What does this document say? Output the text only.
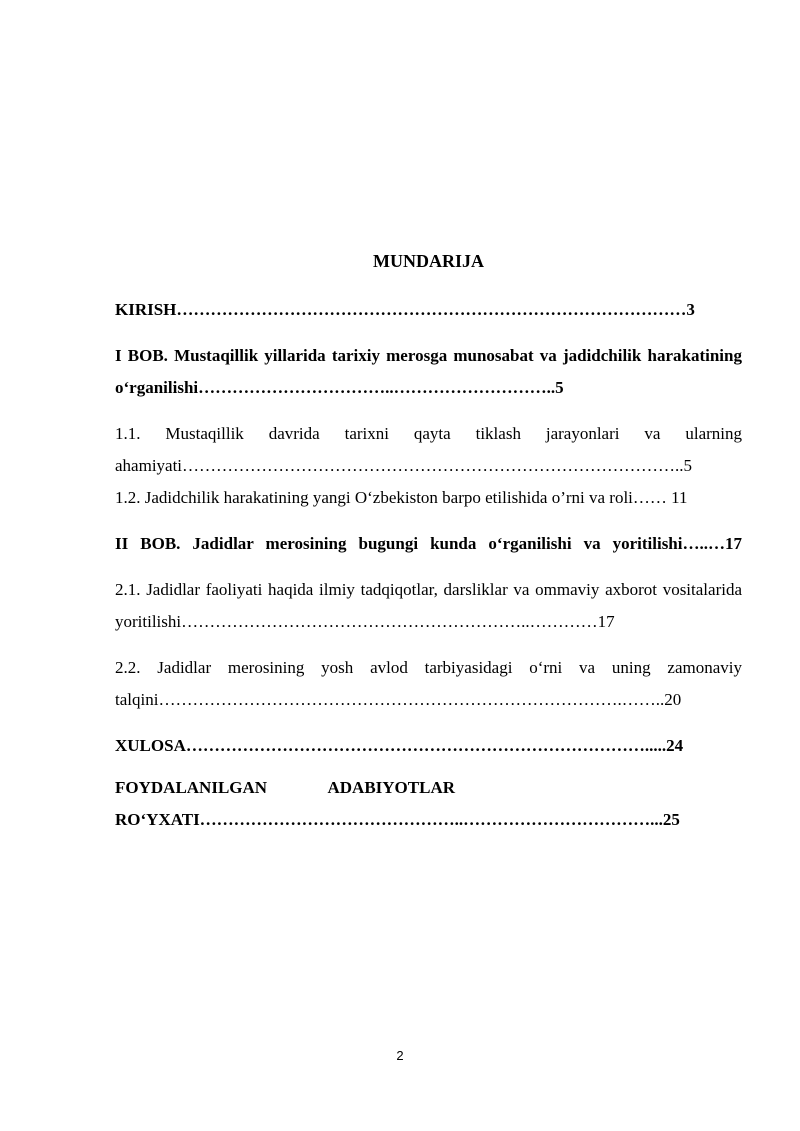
MUNDARIJA

KIRISH………………………………………………………………………………3

I BOB. Mustaqillik yillarida tarixiy merosga munosabat va jadidchilik harakatining o‘rganilishi……………………………..………………………..5

1.1. Mustaqillik davrida tarixni qayta tiklash jarayonlari va ularning ahamiyati……………………………………………………………………………..5

1.2. Jadidchilik harakatining yangi O‘zbekiston barpo etilishida o’rni va roli…… 11

II BOB. Jadidlar merosining bugungi kunda o‘rganilishi va yoritilishi…..…17

2.1. Jadidlar faoliyati haqida ilmiy tadqiqotlar, darsliklar va ommaviy axborot vositalarida yoritilishi……………………………………………………..…………17

2.2. Jadidlar merosining yosh avlod tarbiyasidagi o‘rni va uning zamonaviy talqini……………………………………………………………………….……..20

XULOSA……………………………………………………………………….....24

FOYDALANILGAN ADABIYOTLAR
RO‘YXATI………………………………………..……………………………...25

2
